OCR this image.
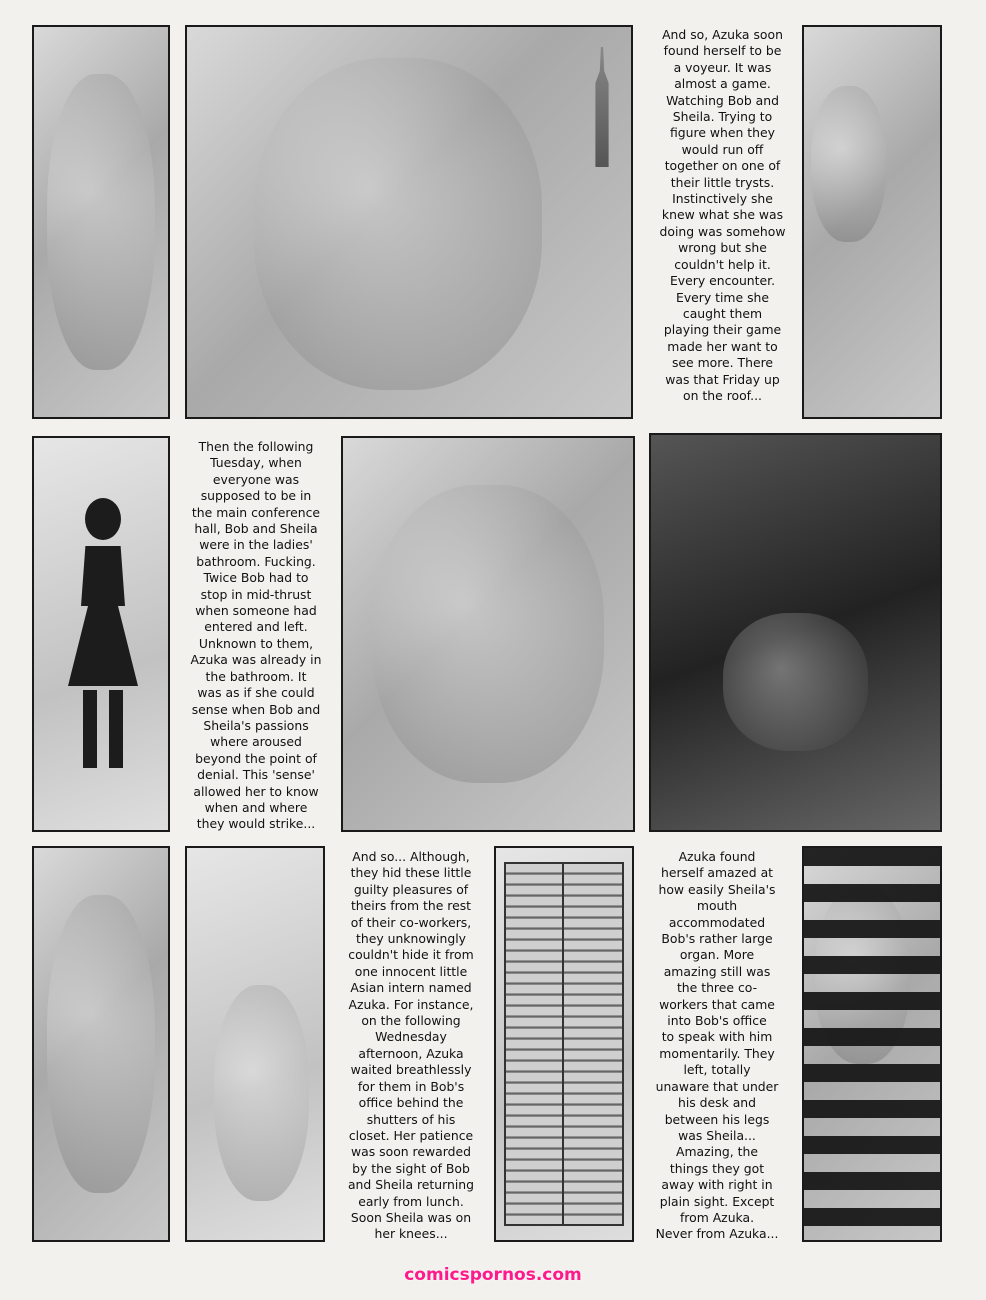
And so, Azuka soon
found herself to be
a voyeur. It was
almost a game.
Watching Bob and
Sheila. Trying to
figure when they
would run off
together on one of
their little trysts.
Instinctively she
knew what she was
doing was somehow
wrong but she
couldn't help it.
Every encounter.
Every time she
caught them
playing their game
made her want to
see more. There
was that Friday up
on the roof...
Then the following
Tuesday, when
everyone was
supposed to be in
the main conference
hall, Bob and Sheila
were in the ladies'
bathroom. Fucking.
Twice Bob had to
stop in mid-thrust
when someone had
entered and left.
Unknown to them,
Azuka was already in
the bathroom. It
was as if she could
sense when Bob and
Sheila's passions
where aroused
beyond the point of
denial. This 'sense'
allowed her to know
when and where
they would strike...
And so... Although,
they hid these little
guilty pleasures of
theirs from the rest
of their co-workers,
they unknowingly
couldn't hide it from
one innocent little
Asian intern named
Azuka. For instance,
on the following
Wednesday
afternoon, Azuka
waited breathlessly
for them in Bob's
office behind the
shutters of his
closet. Her patience
was soon rewarded
by the sight of Bob
and Sheila returning
early from lunch.
Soon Sheila was on
her knees...
Azuka found
herself amazed at
how easily Sheila's
mouth
accommodated
Bob's rather large
organ. More
amazing still was
the three co-
workers that came
into Bob's office
to speak with him
momentarily. They
left, totally
unaware that under
his desk and
between his legs
was Sheila...
Amazing, the
things they got
away with right in
plain sight. Except
from Azuka.
Never from Azuka...
comicspornos.com
